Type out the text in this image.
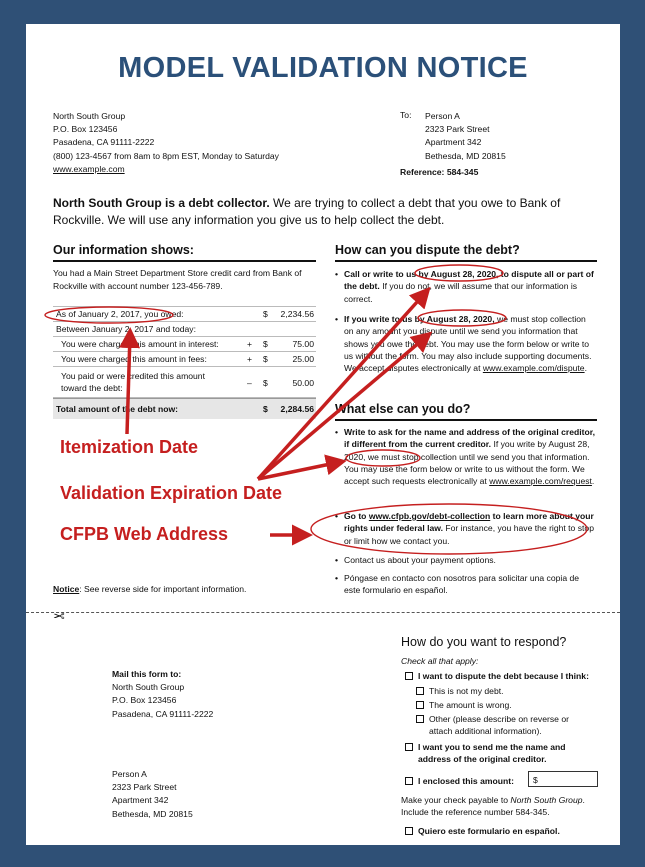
MODEL VALIDATION NOTICE
North South Group
P.O. Box 123456
Pasadena, CA 91111-2222
(800) 123-4567 from 8am to 8pm EST, Monday to Saturday
www.example.com
To: Person A
2323 Park Street
Apartment 342
Bethesda, MD 20815
Reference: 584-345
North South Group is a debt collector. We are trying to collect a debt that you owe to Bank of Rockville. We will use any information you give us to help collect the debt.
Our information shows:
You had a Main Street Department Store credit card from Bank of Rockville with account number 123-456-789.
As of January 2, 2017, you owed:	$ 2,234.56
Between January 2, 2017 and today:
You were charged this amount in interest:	+ $	75.00
You were charged this amount in fees:	+ $	25.00
You paid or were credited this amount toward the debt:	– $	50.00
Total amount of the debt now:	$ 2,284.56
How can you dispute the debt?
• Call or write to us by August 28, 2020, to dispute all or part of the debt. If you do not, we will assume that our information is correct.
• If you write to us by August 28, 2020, we must stop collection on any amount you dispute until we send you information that shows you owe the debt. You may use the form below or write to us without the form. You may also include supporting documents. We accept disputes electronically at www.example.com/dispute.
What else can you do?
• Write to ask for the name and address of the original creditor, if different from the current creditor. If you write by August 28, 2020, we must stop collection until we send you that information. You may use the form below or write to us without the form. We accept such requests electronically at www.example.com/request.
• Go to www.cfpb.gov/debt-collection to learn more about your rights under federal law. For instance, you have the right to stop or limit how we contact you.
• Contact us about your payment options.
• Póngase en contacto con nosotros para solicitar una copia de este formulario en español.
Notice: See reverse side for important information.
✂
How do you want to respond?
Check all that apply:
I want to dispute the debt because I think:
This is not my debt.
The amount is wrong.
Other (please describe on reverse or attach additional information).
I want you to send me the name and address of the original creditor.
I enclosed this amount:	$
Make your check payable to North South Group. Include the reference number 584-345.
Quiero este formulario en español.
Mail this form to:
North South Group
P.O. Box 123456
Pasadena, CA 91111-2222
Person A
2323 Park Street
Apartment 342
Bethesda, MD 20815
Itemization Date
Validation Expiration Date
CFPB Web Address
